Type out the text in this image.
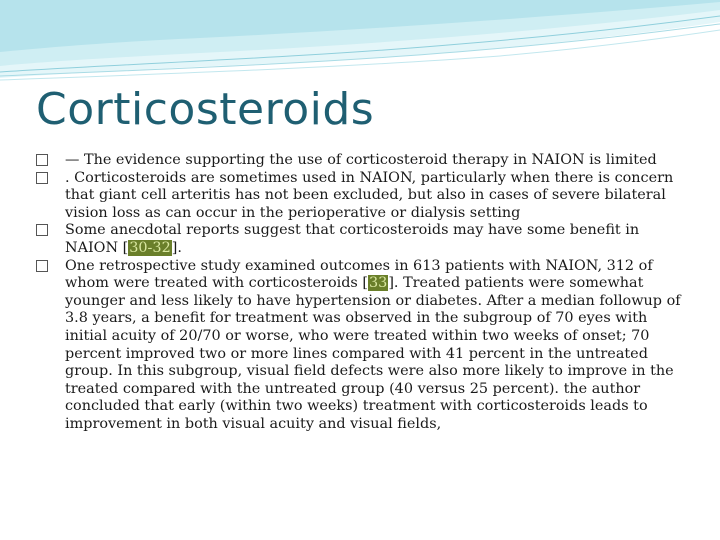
Corticosteroids
— The evidence supporting the use of corticosteroid therapy in NAION is limited
. Corticosteroids are sometimes used in NAION, particularly when there is concern that giant cell arteritis has not been excluded, but also in cases of severe bilateral vision loss as can occur in the perioperative or dialysis setting
Some anecdotal reports suggest that corticosteroids may have some benefit in NAION [30-32].
One retrospective study examined outcomes in 613 patients with NAION, 312 of whom were treated with corticosteroids [33]. Treated patients were somewhat younger and less likely to have hypertension or diabetes. After a median followup of 3.8 years, a benefit for treatment was observed in the subgroup of 70 eyes with initial acuity of 20/70 or worse, who were treated within two weeks of onset; 70 percent improved two or more lines compared with 41 percent in the untreated group. In this subgroup, visual field defects were also more likely to improve in the treated compared with the untreated group (40 versus 25 percent). the author concluded that early (within two weeks) treatment with corticosteroids leads to improvement in both visual acuity and visual fields,
